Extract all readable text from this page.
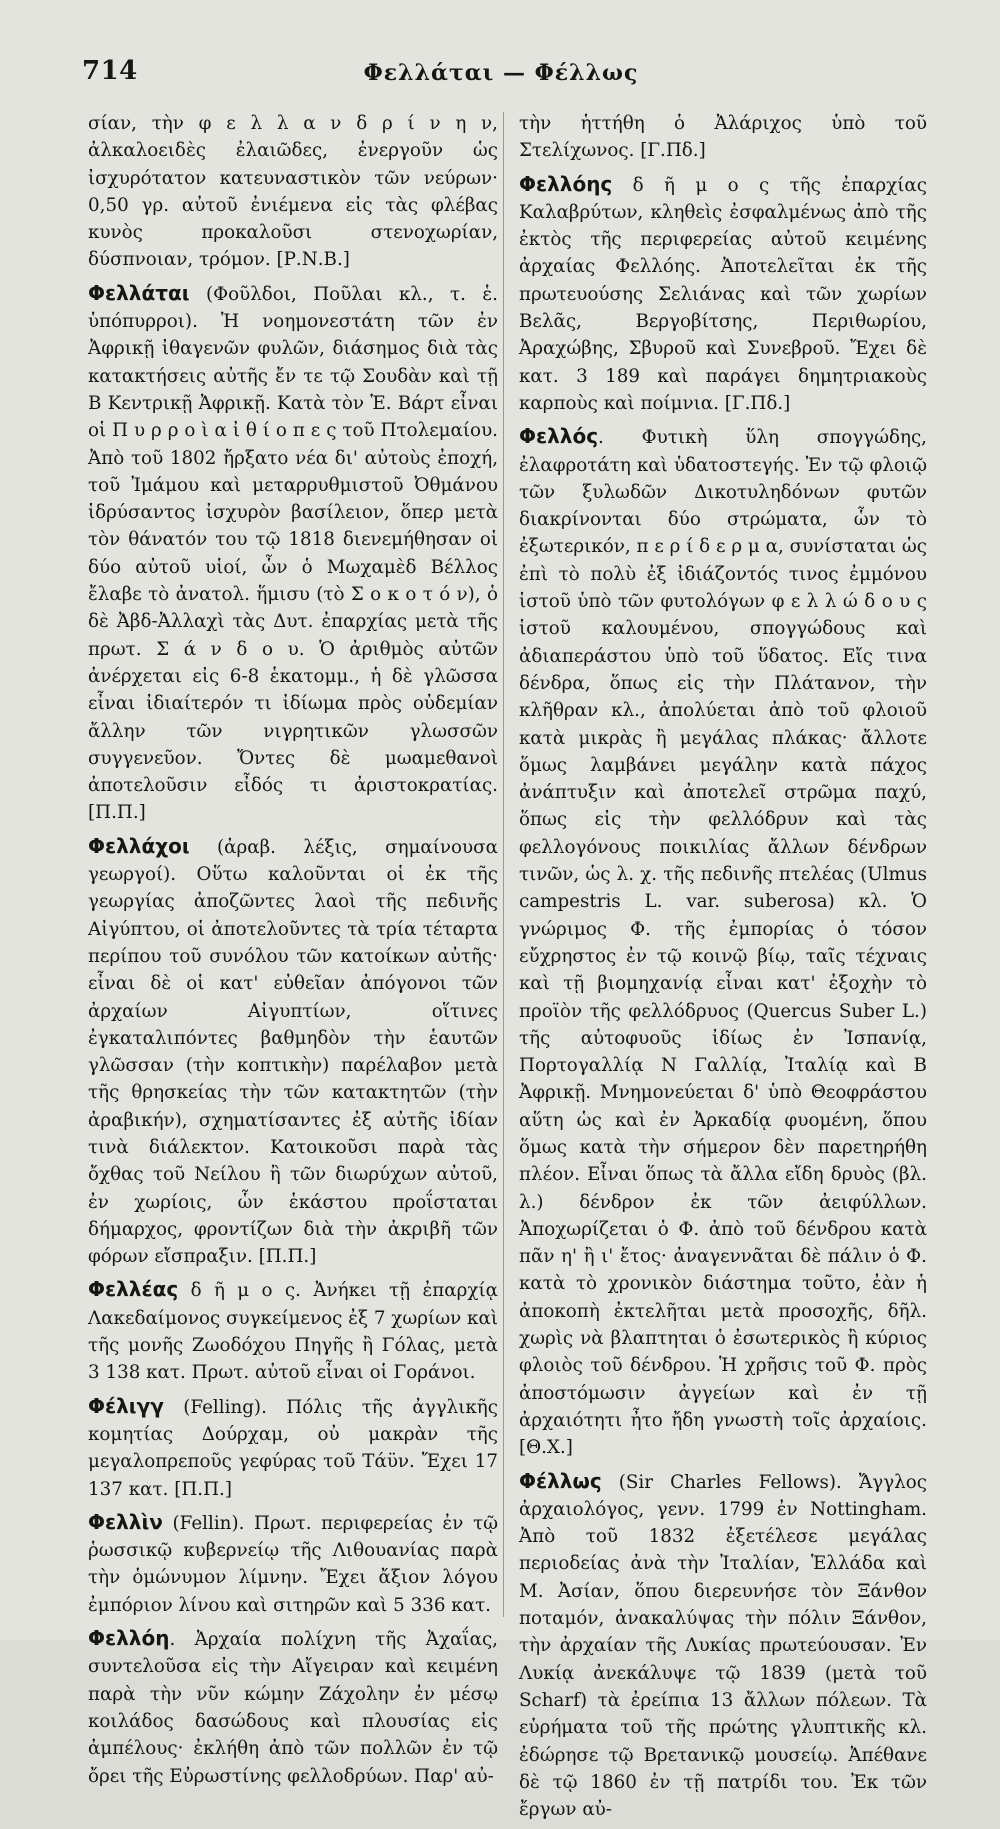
714	Φελλάται — Φέλλως

σίαν, τὴν φ ε λ λ α ν δ ρ ί ν η ν, ἀλκαλοειδὲς ἐλαιῶδες, ἐνεργοῦν ὡς ἰσχυρότατον κατευναστικὸν τῶν νεύρων· 0,50 γρ. αὐτοῦ ἐνιέμενα εἰς τὰς φλέβας κυνὸς προκαλοῦσι στενοχωρίαν, δύσπνοιαν, τρόμον. [Ρ.Ν.Β.]

Φελλάται (Φοῦλδοι, Ποῦλαι κλ., τ. ἑ. ὑπόπυρροι). Ἡ νοημονεστάτη τῶν ἐν Ἀφρικῇ ἰθαγενῶν φυλῶν, διάσημος διὰ τὰς κατακτήσεις αὐτῆς ἔν τε τῷ Σουδὰν καὶ τῇ Β Κεντρικῇ Ἀφρικῇ. Κατὰ τὸν Ἑ. Βάρτ εἶναι οἱ Π υ ρ ρ ο ὶ α ἰ θ ί ο π ε ς τοῦ Πτολεμαίου. Ἀπὸ τοῦ 1802 ἤρξατο νέα δι' αὐτοὺς ἐποχή, τοῦ Ἰμάμου καὶ μεταρρυθμιστοῦ Ὀθμάνου ἱδρύσαντος ἰσχυρὸν βασίλειον, ὅπερ μετὰ τὸν θάνατόν του τῷ 1818 διενεμήθησαν οἱ δύο αὐτοῦ υἱοί, ὧν ὁ Μωχαμὲδ Βέλλος ἔλαβε τὸ ἀνατολ. ἥμισυ (τὸ Σ ο κ ο τ ό ν), ὁ δὲ Ἀβδ-Ἀλλαχὶ τὰς Δυτ. ἐπαρχίας μετὰ τῆς πρωτ. Σ ά ν δ ο υ. Ὁ ἀριθμὸς αὐτῶν ἀνέρχεται εἰς 6-8 ἑκατομμ., ἡ δὲ γλῶσσα εἶναι ἰδιαίτερόν τι ἰδίωμα πρὸς οὐδεμίαν ἄλλην τῶν νιγρητικῶν γλωσσῶν συγγενεῦον. Ὄντες δὲ μωαμεθανοὶ ἀποτελοῦσιν εἶδός τι ἀριστοκρατίας. [Π.Π.]

Φελλάχοι (ἀραβ. λέξις, σημαίνουσα γεωργοί). Οὕτω καλοῦνται οἱ ἐκ τῆς γεωργίας ἀποζῶντες λαοὶ τῆς πεδινῆς Αἰγύπτου, οἱ ἀποτελοῦντες τὰ τρία τέταρτα περίπου τοῦ συνόλου τῶν κατοίκων αὐτῆς· εἶναι δὲ οἱ κατ' εὐθεῖαν ἀπόγονοι τῶν ἀρχαίων Αἰγυπτίων, οἵτινες ἐγκαταλιπόντες βαθμηδὸν τὴν ἑαυτῶν γλῶσσαν (τὴν κοπτικὴν) παρέλαβον μετὰ τῆς θρησκείας τὴν τῶν κατακτητῶν (τὴν ἀραβικήν), σχηματίσαντες ἐξ αὐτῆς ἰδίαν τινὰ διάλεκτον. Κατοικοῦσι παρὰ τὰς ὄχθας τοῦ Νείλου ἢ τῶν διωρύχων αὐτοῦ, ἐν χωρίοις, ὧν ἑκάστου προΐσταται δήμαρχος, φροντίζων διὰ τὴν ἀκριβῆ τῶν φόρων εἴσπραξιν. [Π.Π.]

Φελλέας δ ῆ μ ο ς. Ἀνήκει τῇ ἐπαρχίᾳ Λακεδαίμονος συγκείμενος ἐξ 7 χωρίων καὶ τῆς μονῆς Ζωοδόχου Πηγῆς ἢ Γόλας, μετὰ 3 138 κατ. Πρωτ. αὐτοῦ εἶναι οἱ Γοράνοι.

Φέλιγγ (Felling). Πόλις τῆς ἀγγλικῆς κομητίας Δούρχαμ, οὐ μακρὰν τῆς μεγαλοπρεποῦς γεφύρας τοῦ Τάϋν. Ἔχει 17 137 κατ. [Π.Π.]

Φελλὶν (Fellin). Πρωτ. περιφερείας ἐν τῷ ῥωσσικῷ κυβερνείῳ τῆς Λιθουανίας παρὰ τὴν ὁμώνυμον λίμνην. Ἔχει ἄξιον λόγου ἐμπόριον λίνου καὶ σιτηρῶν καὶ 5 336 κατ.

Φελλόη. Ἀρχαία πολίχνη τῆς Ἀχαΐας, συντελοῦσα εἰς τὴν Αἴγειραν καὶ κειμένη παρὰ τὴν νῦν κώμην Ζάχολην ἐν μέσῳ κοιλάδος δασώδους καὶ πλουσίας εἰς ἀμπέλους· ἐκλήθη ἀπὸ τῶν πολλῶν ἐν τῷ ὄρει τῆς Εὐρωστίνης φελλοδρύων. Παρ' αὐ-

τὴν ἡττήθη ὁ Ἀλάριχος ὑπὸ τοῦ Στελίχωνος. [Γ.Πδ.]

Φελλόης δ ῆ μ ο ς τῆς ἐπαρχίας Καλαβρύτων, κληθεὶς ἐσφαλμένως ἀπὸ τῆς ἐκτὸς τῆς περιφερείας αὐτοῦ κειμένης ἀρχαίας Φελλόης. Ἀποτελεῖται ἐκ τῆς πρωτευούσης Σελιάνας καὶ τῶν χωρίων Βελᾶς, Βεργοβίτσης, Περιθωρίου, Ἀραχώβης, Σβυροῦ καὶ Συνεβροῦ. Ἔχει δὲ κατ. 3 189 καὶ παράγει δημητριακοὺς καρποὺς καὶ ποίμνια. [Γ.Πδ.]

Φελλός. Φυτικὴ ὕλη σπογγώδης, ἐλαφροτάτη καὶ ὑδατοστεγής. Ἐν τῷ φλοιῷ τῶν ξυλωδῶν Δικοτυληδόνων φυτῶν διακρίνονται δύο στρώματα, ὧν τὸ ἐξωτερικόν, π ε ρ ί δ ε ρ μ α, συνίσταται ὡς ἐπὶ τὸ πολὺ ἐξ ἰδιάζοντός τινος ἐμμόνου ἱστοῦ ὑπὸ τῶν φυτολόγων φ ε λ λ ώ δ ο υ ς ἱστοῦ καλουμένου, σπογγώδους καὶ ἀδιαπεράστου ὑπὸ τοῦ ὕδατος. Εἴς τινα δένδρα, ὅπως εἰς τὴν Πλάτανον, τὴν κλῆθραν κλ., ἀπολύεται ἀπὸ τοῦ φλοιοῦ κατὰ μικρὰς ἢ μεγάλας πλάκας· ἄλλοτε ὅμως λαμβάνει μεγάλην κατὰ πάχος ἀνάπτυξιν καὶ ἀποτελεῖ στρῶμα παχύ, ὅπως εἰς τὴν φελλόδρυν καὶ τὰς φελλογόνους ποικιλίας ἄλλων δένδρων τινῶν, ὡς λ. χ. τῆς πεδινῆς πτελέας (Ulmus campestris L. var. suberosa) κλ. Ὁ γνώριμος Φ. τῆς ἐμπορίας ὁ τόσον εὔχρηστος ἐν τῷ κοινῷ βίῳ, ταῖς τέχναις καὶ τῇ βιομηχανίᾳ εἶναι κατ' ἐξοχὴν τὸ προϊὸν τῆς φελλόδρυος (Quercus Suber L.) τῆς αὐτοφυοῦς ἰδίως ἐν Ἰσπανίᾳ, Πορτογαλλίᾳ Ν Γαλλίᾳ, Ἰταλίᾳ καὶ Β Ἀφρικῇ. Μνημονεύεται δ' ὑπὸ Θεοφράστου αὕτη ὡς καὶ ἐν Ἀρκαδίᾳ φυομένη, ὅπου ὅμως κατὰ τὴν σήμερον δὲν παρετηρήθη πλέον. Εἶναι ὅπως τὰ ἄλλα εἴδη δρυὸς (βλ. λ.) δένδρον ἐκ τῶν ἀειφύλλων. Ἀποχωρίζεται ὁ Φ. ἀπὸ τοῦ δένδρου κατὰ πᾶν η' ἢ ι' ἔτος· ἀναγεννᾶται δὲ πάλιν ὁ Φ. κατὰ τὸ χρονικὸν διάστημα τοῦτο, ἐὰν ἡ ἀποκοπὴ ἐκτελῆται μετὰ προσοχῆς, δῆλ. χωρὶς νὰ βλαπτηται ὁ ἐσωτερικὸς ἢ κύριος φλοιὸς τοῦ δένδρου. Ἡ χρῆσις τοῦ Φ. πρὸς ἀποστόμωσιν ἀγγείων καὶ ἐν τῇ ἀρχαιότητι ἦτο ἤδη γνωστὴ τοῖς ἀρχαίοις. [Θ.Χ.]

Φέλλως (Sir Charles Fellows). Ἄγγλος ἀρχαιολόγος, γενν. 1799 ἐν Nottingham. Ἀπὸ τοῦ 1832 ἐξετέλεσε μεγάλας περιοδείας ἀνὰ τὴν Ἰταλίαν, Ἑλλάδα καὶ Μ. Ἀσίαν, ὅπου διερευνήσε τὸν Ξάνθον ποταμόν, ἀνακαλύψας τὴν πόλιν Ξάνθον, τὴν ἀρχαίαν τῆς Λυκίας πρωτεύουσαν. Ἐν Λυκίᾳ ἀνεκάλυψε τῷ 1839 (μετὰ τοῦ Scharf) τὰ ἐρείπια 13 ἄλλων πόλεων. Τὰ εὑρήματα τοῦ τῆς πρώτης γλυπτικῆς κλ. ἐδώρησε τῷ Βρετανικῷ μουσείῳ. Ἀπέθανε δὲ τῷ 1860 ἐν τῇ πατρίδι του. Ἐκ τῶν ἔργων αὐ-
